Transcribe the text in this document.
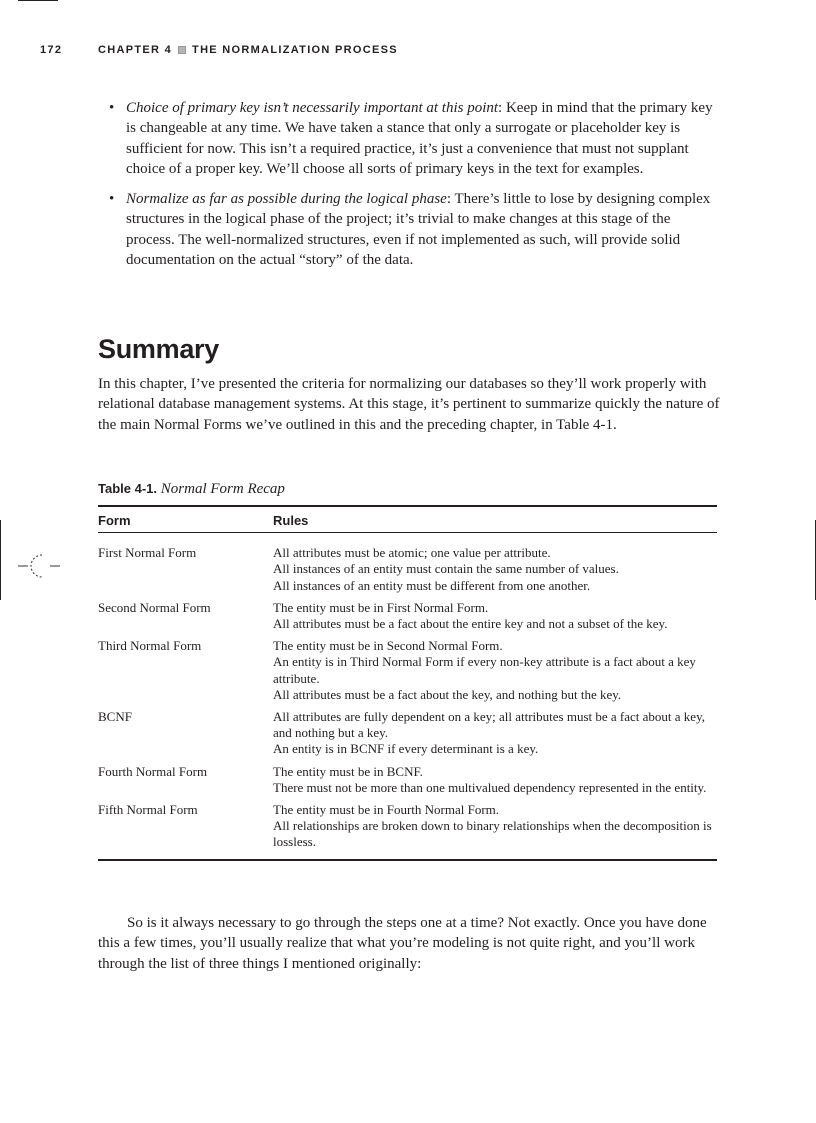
172	CHAPTER 4 THE NORMALIZATION PROCESS
• Choice of primary key isn’t necessarily important at this point: Keep in mind that the primary key is changeable at any time. We have taken a stance that only a surrogate or placeholder key is sufficient for now. This isn’t a required practice, it’s just a convenience that must not supplant choice of a proper key. We’ll choose all sorts of primary keys in the text for examples.
• Normalize as far as possible during the logical phase: There’s little to lose by designing complex structures in the logical phase of the project; it’s trivial to make changes at this stage of the process. The well-normalized structures, even if not implemented as such, will provide solid documentation on the actual “story” of the data.
Summary

In this chapter, I’ve presented the criteria for normalizing our databases so they’ll work properly with relational database management systems. At this stage, it’s pertinent to summarize quickly the nature of the main Normal Forms we’ve outlined in this and the preceding chapter, in Table 4-1.

Table 4-1. Normal Form Recap

Form	Rules
First Normal Form	All attributes must be atomic; one value per attribute.
All instances of an entity must contain the same number of values.
All instances of an entity must be different from one another.

Second Normal Form	The entity must be in First Normal Form.
All attributes must be a fact about the entire key and not a subset of the key.

Third Normal Form	The entity must be in Second Normal Form.
An entity is in Third Normal Form if every non-key attribute is a fact about a key attribute.
All attributes must be a fact about the key, and nothing but the key.

BCNF	All attributes are fully dependent on a key; all attributes must be a fact about a key, and nothing but a key.
An entity is in BCNF if every determinant is a key.

Fourth Normal Form	The entity must be in BCNF.
There must not be more than one multivalued dependency represented in the entity.

Fifth Normal Form	The entity must be in Fourth Normal Form.
All relationships are broken down to binary relationships when the decomposition is lossless.

So is it always necessary to go through the steps one at a time? Not exactly. Once you have done this a few times, you’ll usually realize that what you’re modeling is not quite right, and you’ll work through the list of three things I mentioned originally:
